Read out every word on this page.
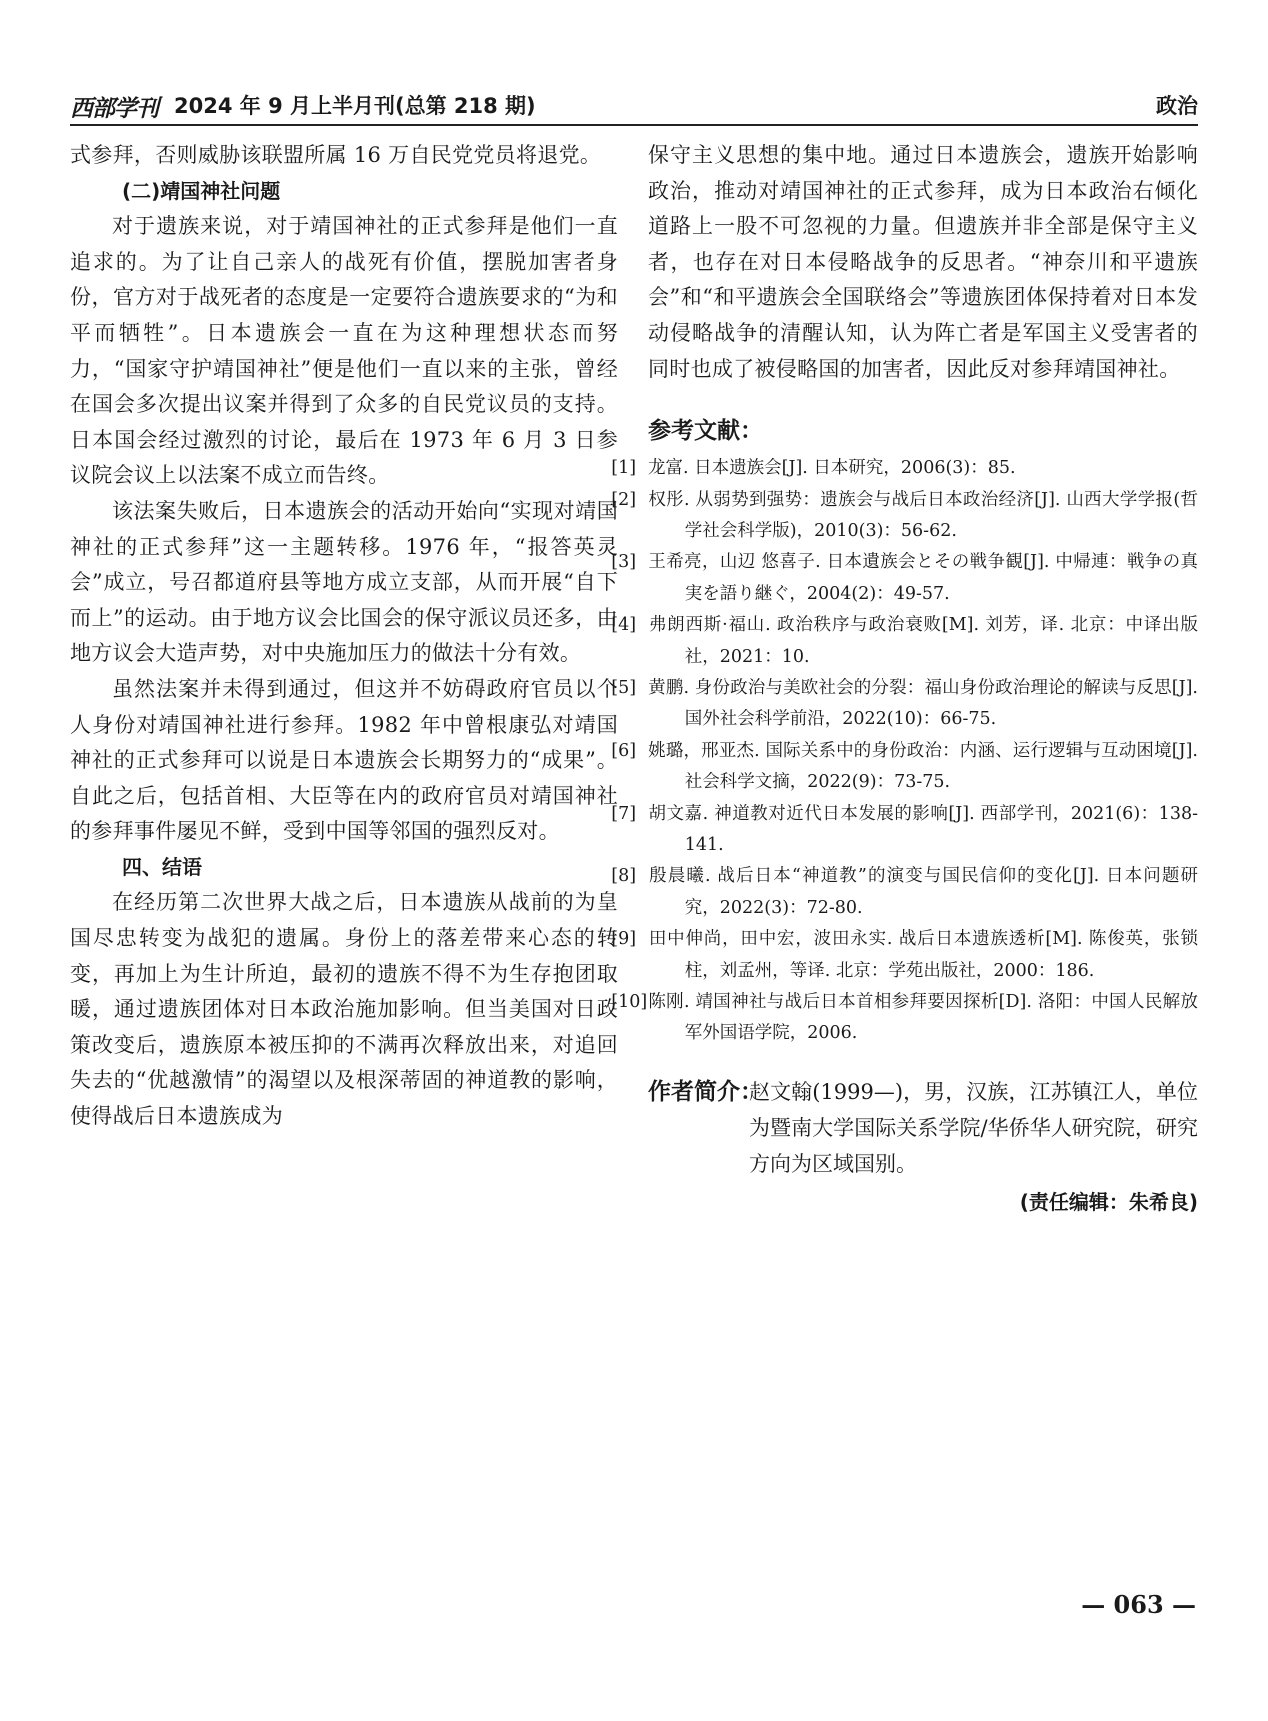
西部学刊 2024 年 9 月上半月刊(总第 218 期)	政治

式参拜，否则威胁该联盟所属 16 万自民党党员将退党。

(二)靖国神社问题

对于遗族来说，对于靖国神社的正式参拜是他们一直追求的。为了让自己亲人的战死有价值，摆脱加害者身份，官方对于战死者的态度是一定要符合遗族要求的“为和平而牺牲”。日本遗族会一直在为这种理想状态而努力，“国家守护靖国神社”便是他们一直以来的主张，曾经在国会多次提出议案并得到了众多的自民党议员的支持。日本国会经过激烈的讨论，最后在 1973 年 6 月 3 日参议院会议上以法案不成立而告终。

该法案失败后，日本遗族会的活动开始向“实现对靖国神社的正式参拜”这一主题转移。1976 年，“报答英灵会”成立，号召都道府县等地方成立支部，从而开展“自下而上”的运动。由于地方议会比国会的保守派议员还多，由地方议会大造声势，对中央施加压力的做法十分有效。

虽然法案并未得到通过，但这并不妨碍政府官员以个人身份对靖国神社进行参拜。1982 年中曾根康弘对靖国神社的正式参拜可以说是日本遗族会长期努力的“成果”。自此之后，包括首相、大臣等在内的政府官员对靖国神社的参拜事件屡见不鲜，受到中国等邻国的强烈反对。

四、结语

在经历第二次世界大战之后，日本遗族从战前的为皇国尽忠转变为战犯的遗属。身份上的落差带来心态的转变，再加上为生计所迫，最初的遗族不得不为生存抱团取暖，通过遗族团体对日本政治施加影响。但当美国对日政策改变后，遗族原本被压抑的不满再次释放出来，对追回失去的“优越激情”的渴望以及根深蒂固的神道教的影响，使得战后日本遗族成为

保守主义思想的集中地。通过日本遗族会，遗族开始影响政治，推动对靖国神社的正式参拜，成为日本政治右倾化道路上一股不可忽视的力量。但遗族并非全部是保守主义者，也存在对日本侵略战争的反思者。“神奈川和平遗族会”和“和平遗族会全国联络会”等遗族团体保持着对日本发动侵略战争的清醒认知，认为阵亡者是军国主义受害者的同时也成了被侵略国的加害者，因此反对参拜靖国神社。

参考文献：
[1] 龙富. 日本遗族会[J]. 日本研究，2006(3)：85.
[2] 权彤. 从弱势到强势：遗族会与战后日本政治经济[J]. 山西大学学报(哲学社会科学版)，2010(3)：56-62.
[3] 王希亮，山辺 悠喜子. 日本遺族会とその戦争観[J]. 中帰連：戦争の真実を語り継ぐ，2004(2)：49-57.
[4] 弗朗西斯·福山. 政治秩序与政治衰败[M]. 刘芳，译. 北京：中译出版社，2021：10.
[5] 黄鹏. 身份政治与美欧社会的分裂：福山身份政治理论的解读与反思[J]. 国外社会科学前沿，2022(10)：66-75.
[6] 姚璐，邢亚杰. 国际关系中的身份政治：内涵、运行逻辑与互动困境[J]. 社会科学文摘，2022(9)：73-75.
[7] 胡文嘉. 神道教对近代日本发展的影响[J]. 西部学刊，2021(6)：138-141.
[8] 殷晨曦. 战后日本“神道教”的演变与国民信仰的变化[J]. 日本问题研究，2022(3)：72-80.
[9] 田中伸尚，田中宏，波田永实. 战后日本遗族透析[M]. 陈俊英，张锁柱，刘孟州，等译. 北京：学苑出版社，2000：186.
[10]陈刚. 靖国神社与战后日本首相参拜要因探析[D]. 洛阳：中国人民解放军外国语学院，2006.
作者简介：

赵文翰(1999—)，男，汉族，江苏镇江人，单位为暨南大学国际关系学院/华侨华人研究院，研究方向为区域国别。

(责任编辑：朱希良)
— 063 —
